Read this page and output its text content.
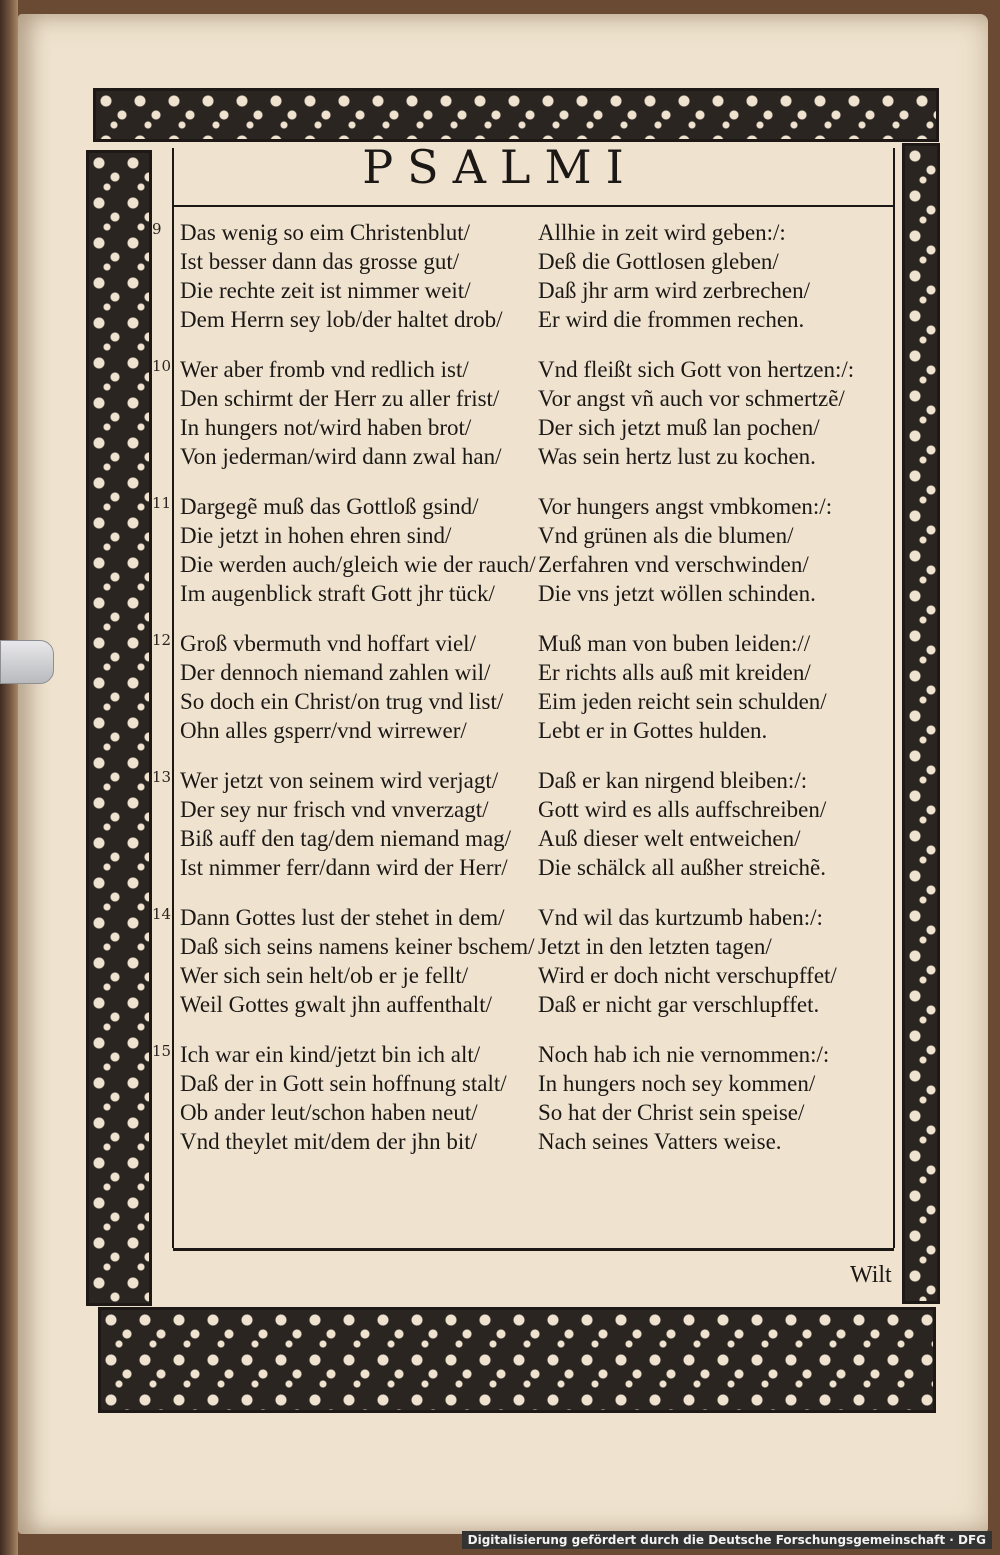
PSALMI
9 Das wenig so eim Christenblut/	Allhie in zeit wird geben:/:
Ist besser dann das grosse gut/	Deß die Gottlosen gleben/
Die rechte zeit ist nimmer weit/	Daß jhr arm wird zerbrechen/
Dem Herrn sey lob/der haltet drob/	Er wird die frommen rechen.
10 Wer aber fromb vnd redlich ist/	Vnd fleißt sich Gott von hertzen:/:
Den schirmt der Herr zu aller frist/	Vor angst vñ auch vor schmertzẽ/
In hungers not/wird haben brot/	Der sich jetzt muß lan pochen/
Von jederman/wird dann zwal han/	Was sein hertz lust zu kochen.
11 Dargegẽ muß das Gottloß gsind/	Vor hungers angst vmbkomen:/:
Die jetzt in hohen ehren sind/	Vnd grünen als die blumen/
Die werden auch/gleich wie der rauch/ Zerfahren vnd verschwinden/
Im augenblick straft Gott jhr tück/	Die vns jetzt wöllen schinden.
12 Groß vbermuth vnd hoffart viel/	Muß man von buben leiden://
Der dennoch niemand zahlen wil/	Er richts alls auß mit kreiden/
So doch ein Christ/on trug vnd list/	Eim jeden reicht sein schulden/
Ohn alles gsperr/vnd wirrewer/	Lebt er in Gottes hulden.
13 Wer jetzt von seinem wird verjagt/	Daß er kan nirgend bleiben:/:
Der sey nur frisch vnd vnverzagt/	Gott wird es alls auffschreiben/
Biß auff den tag/dem niemand mag/	Auß dieser welt entweichen/
Ist nimmer ferr/dann wird der Herr/	Die schälck all außher streichẽ.
14 Dann Gottes lust der stehet in dem/	Vnd wil das kurtzumb haben:/:
Daß sich seins namens keiner bschem/ Jetzt in den letzten tagen/
Wer sich sein helt/ob er je fellt/	Wird er doch nicht verschupffet/
Weil Gottes gwalt jhn auffenthalt/	Daß er nicht gar verschlupffet.
15 Ich war ein kind/jetzt bin ich alt/	Noch hab ich nie vernommen:/:
Daß der in Gott sein hoffnung stalt/	In hungers noch sey kommen/
Ob ander leut/schon haben neut/	So hat der Christ sein speise/
Vnd theylet mit/dem der jhn bit/	Nach seines Vatters weise.
Wilt
Digitalisierung gefördert durch die Deutsche Forschungsgemeinschaft · DFG
